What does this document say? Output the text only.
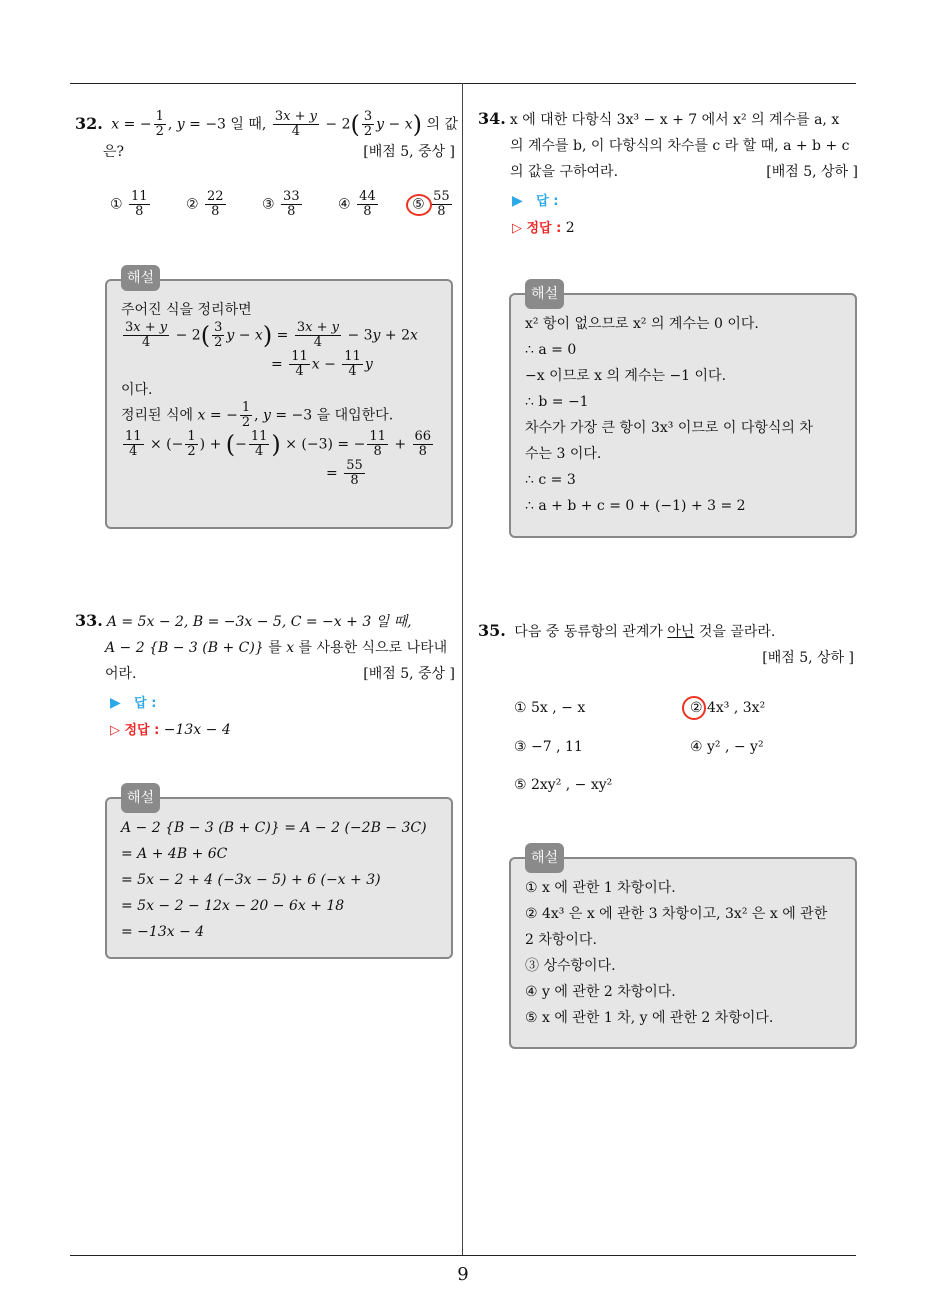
9
32. x = − $\frac{1}{2}$ , y = −3 일 때, $\frac{3x + y}{4} - 2( \frac{3}{2}$ y − x) 의 값
은?	[배점 5, 중상 ]
① $\frac{11}{8}$	② $\frac{22}{8}$	③ $\frac{33}{8}$	④ $\frac{44}{8}$
⑤ $\frac{55}{8}$
해설
주어진 식을 정리하면
$\frac{3x + y}{4} - 2( \frac{3}{2}$ $y - x) = \frac{3x + y}{4} - 3y + 2x$
= $\frac{11}{4}$ $x - \frac{11}{4}$ y
이다.
정리된 식에 x = − $\frac{1}{2}$ , y = −3 을 대입한다.
$\frac{11}{4}$ × (− $\frac{1}{2}$ ) + (− $\frac{11}{4}$ ) × (−3) = − $\frac{11}{8} + \frac{66}{8}$
= $\frac{55}{8}$
33. A = 5x − 2, B = −3x − 5, C = −x + 3 일 때,
A − 2 {B − 3 (B + C)} 를 x 를 사용한 식으로 나타내
어라.	[배점 5, 중상 ]
▶ 답 :
▷ 정답 : −13x − 4
해설
A − 2 {B − 3 (B + C)} = A − 2 (−2B − 3C)
= A + 4B + 6C
= 5x − 2 + 4 (−3x − 5) + 6 (−x + 3)
= 5x − 2 − 12x − 20 − 6x + 18
= −13x − 4
34. x 에 대한 다항식 3x³ − x + 7 에서 x² 의 계수를 a, x
의 계수를 b, 이 다항식의 차수를 c 라 할 때, a + b + c
의 값을 구하여라.	[배점 5, 상하 ]
▶ 답 :
▷ 정답 : 2
해설
x² 항이 없으므로 x² 의 계수는 0 이다.
∴ a = 0
−x 이므로 x 의 계수는 −1 이다.
∴ b = −1
차수가 가장 큰 항이 3x³ 이므로 이 다항식의 차
수는 3 이다.
∴ c = 3
∴ a + b + c = 0 + (−1) + 3 = 2
35. 다음 중 동류항의 관계가 아닌 것을 골라라.
[배점 5, 상하 ]
① 5x , − x	② 4x³ , 3x²
③ −7 , 11	④ y² , − y²
⑤ 2xy² , − xy²
해설
① x 에 관한 1 차항이다.
② 4x³ 은 x 에 관한 3 차항이고, 3x² 은 x 에 관한
2 차항이다.
③ 상수항이다.
④ y 에 관한 2 차항이다.
⑤ x 에 관한 1 차, y 에 관한 2 차항이다.
